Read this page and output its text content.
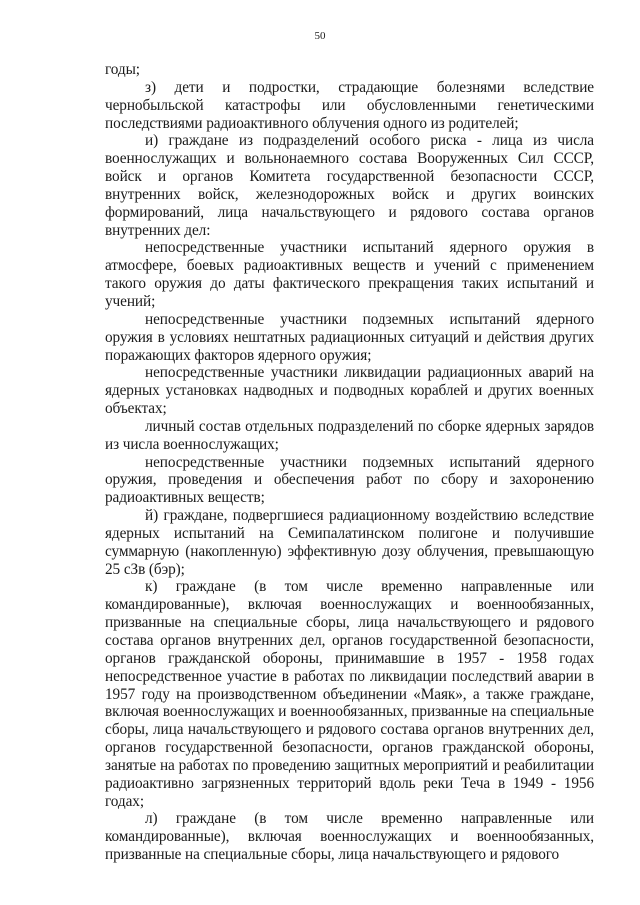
50

годы;

з) дети и подростки, страдающие болезнями вследствие чернобыльской катастрофы или обусловленными генетическими последствиями радиоактивного облучения одного из родителей;

и) граждане из подразделений особого риска - лица из числа военнослужащих и вольнонаемного состава Вооруженных Сил СССР, войск и органов Комитета государственной безопасности СССР, внутренних войск, железнодорожных войск и других воинских формирований, лица начальствующего и рядового состава органов внутренних дел:

непосредственные участники испытаний ядерного оружия в атмосфере, боевых радиоактивных веществ и учений с применением такого оружия до даты фактического прекращения таких испытаний и учений;

непосредственные участники подземных испытаний ядерного оружия в условиях нештатных радиационных ситуаций и действия других поражающих факторов ядерного оружия;

непосредственные участники ликвидации радиационных аварий на ядерных установках надводных и подводных кораблей и других военных объектах;

личный состав отдельных подразделений по сборке ядерных зарядов из числа военнослужащих;

непосредственные участники подземных испытаний ядерного оружия, проведения и обеспечения работ по сбору и захоронению радиоактивных веществ;

й) граждане, подвергшиеся радиационному воздействию вследствие ядерных испытаний на Семипалатинском полигоне и получившие суммарную (накопленную) эффективную дозу облучения, превышающую 25 сЗв (бэр);

к) граждане (в том числе временно направленные или командированные), включая военнослужащих и военнообязанных, призванные на специальные сборы, лица начальствующего и рядового состава органов внутренних дел, органов государственной безопасности, органов гражданской обороны, принимавшие в 1957 - 1958 годах непосредственное участие в работах по ликвидации последствий аварии в 1957 году на производственном объединении «Маяк», а также граждане, включая военнослужащих и военнообязанных, призванные на специальные сборы, лица начальствующего и рядового состава органов внутренних дел, органов государственной безопасности, органов гражданской обороны, занятые на работах по проведению защитных мероприятий и реабилитации радиоактивно загрязненных территорий вдоль реки Теча в 1949 - 1956 годах;

л) граждане (в том числе временно направленные или командированные), включая военнослужащих и военнообязанных, призванные на специальные сборы, лица начальствующего и рядового
